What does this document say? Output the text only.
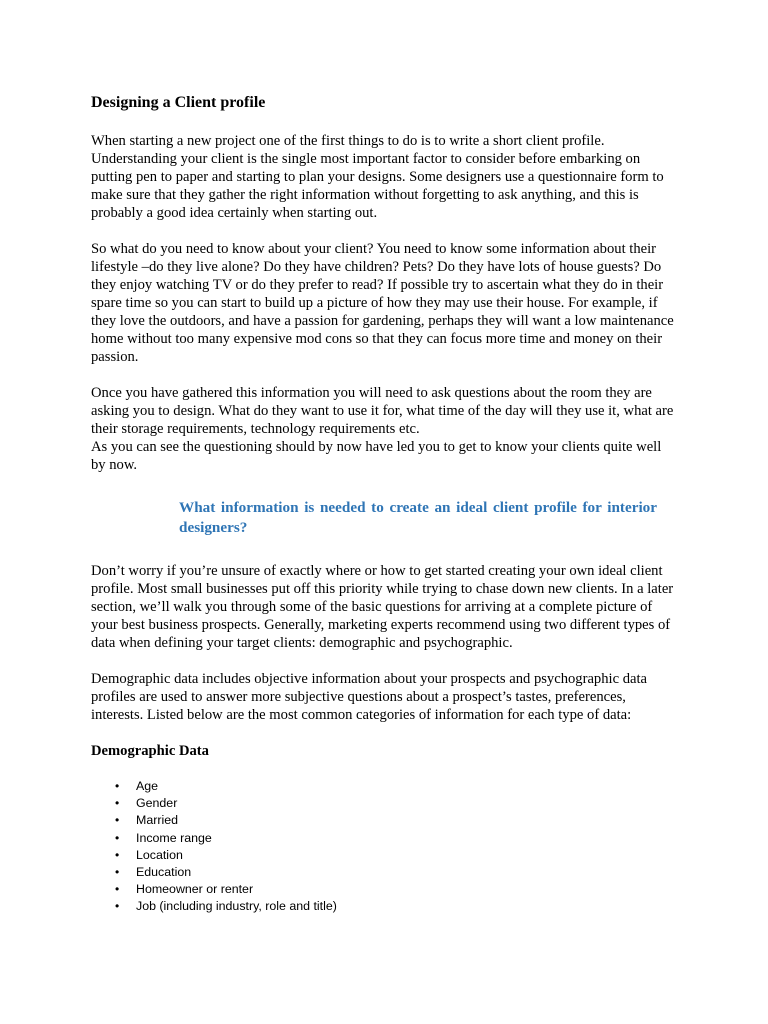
Designing a Client profile

When starting a new project one of the first things to do is to write a short client profile. Understanding your client is the single most important factor to consider before embarking on putting pen to paper and starting to plan your designs. Some designers use a questionnaire form to make sure that they gather the right information without forgetting to ask anything, and this is probably a good idea certainly when starting out.

So what do you need to know about your client? You need to know some information about their lifestyle –do they live alone? Do they have children? Pets? Do they have lots of house guests? Do they enjoy watching TV or do they prefer to read? If possible try to ascertain what they do in their spare time so you can start to build up a picture of how they may use their house. For example, if they love the outdoors, and have a passion for gardening, perhaps they will want a low maintenance home without too many expensive mod cons so that they can focus more time and money on their passion.

Once you have gathered this information you will need to ask questions about the room they are asking you to design. What do they want to use it for, what time of the day will they use it, what are their storage requirements, technology requirements etc.

As you can see the questioning should by now have led you to get to know your clients quite well by now.

What information is needed to create an ideal client profile for interior designers?

Don’t worry if you’re unsure of exactly where or how to get started creating your own ideal client profile. Most small businesses put off this priority while trying to chase down new clients. In a later section, we’ll walk you through some of the basic questions for arriving at a complete picture of your best business prospects. Generally, marketing experts recommend using two different types of data when defining your target clients: demographic and psychographic.

Demographic data includes objective information about your prospects and psychographic data profiles are used to answer more subjective questions about a prospect’s tastes, preferences, interests. Listed below are the most common categories of information for each type of data:

Demographic Data
• Age
• Gender
• Married
• Income range
• Location
• Education
• Homeowner or renter
• Job (including industry, role and title)
